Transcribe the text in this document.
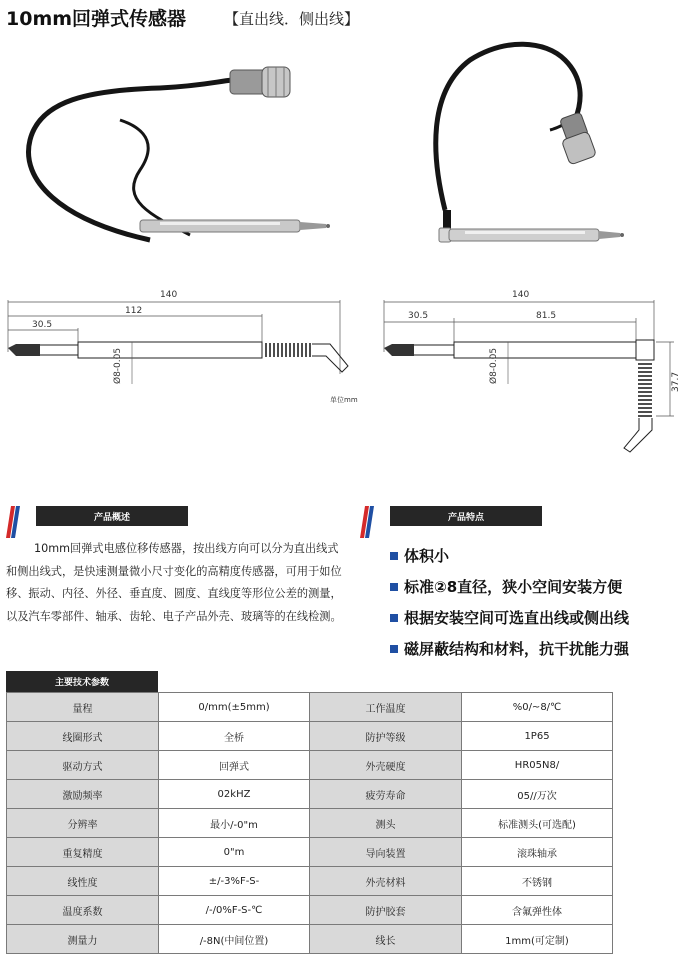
10mm回弹式传感器	【直出线．侧出线】
140
112
30.5
Ø8-0.05
单位mm
140
30.5	81.5
37.7
Ø8-0.05
产品概述

10mm回弹式电感位移传感器，按出线方向可以分为直出线式和侧出线式，是快速测量微小尺寸变化的高精度传感器，可用于如位移、振动、内径、外径、垂直度、圆度、直线度等形位公差的测量，以及汽车零部件、轴承、齿轮、电子产品外壳、玻璃等的在线检测。

产品特点
体积小
标准②8直径，狭小空间安装方便
根据安装空间可选直出线或侧出线
磁屏蔽结构和材料，抗干扰能力强
主要技术参数
量程	0/mm(±5mm)	工作温度	%0/~8/℃
线圈形式	全桥	防护等级	1P65
驱动方式	回弹式	外壳硬度	HR05N8/
激励频率	02kHZ	疲劳寿命	05//万次
分辨率	最小/-0"m	测头	标准测头(可选配)
重复精度	0"m	导向装置	滚珠轴承
线性度	±/-3%F-S-	外壳材料	不锈钢
温度系数	/-/0%F-S-℃	防护胶套	含氟弹性体
测量力	/-8N(中间位置)	线长	1mm(可定制)
